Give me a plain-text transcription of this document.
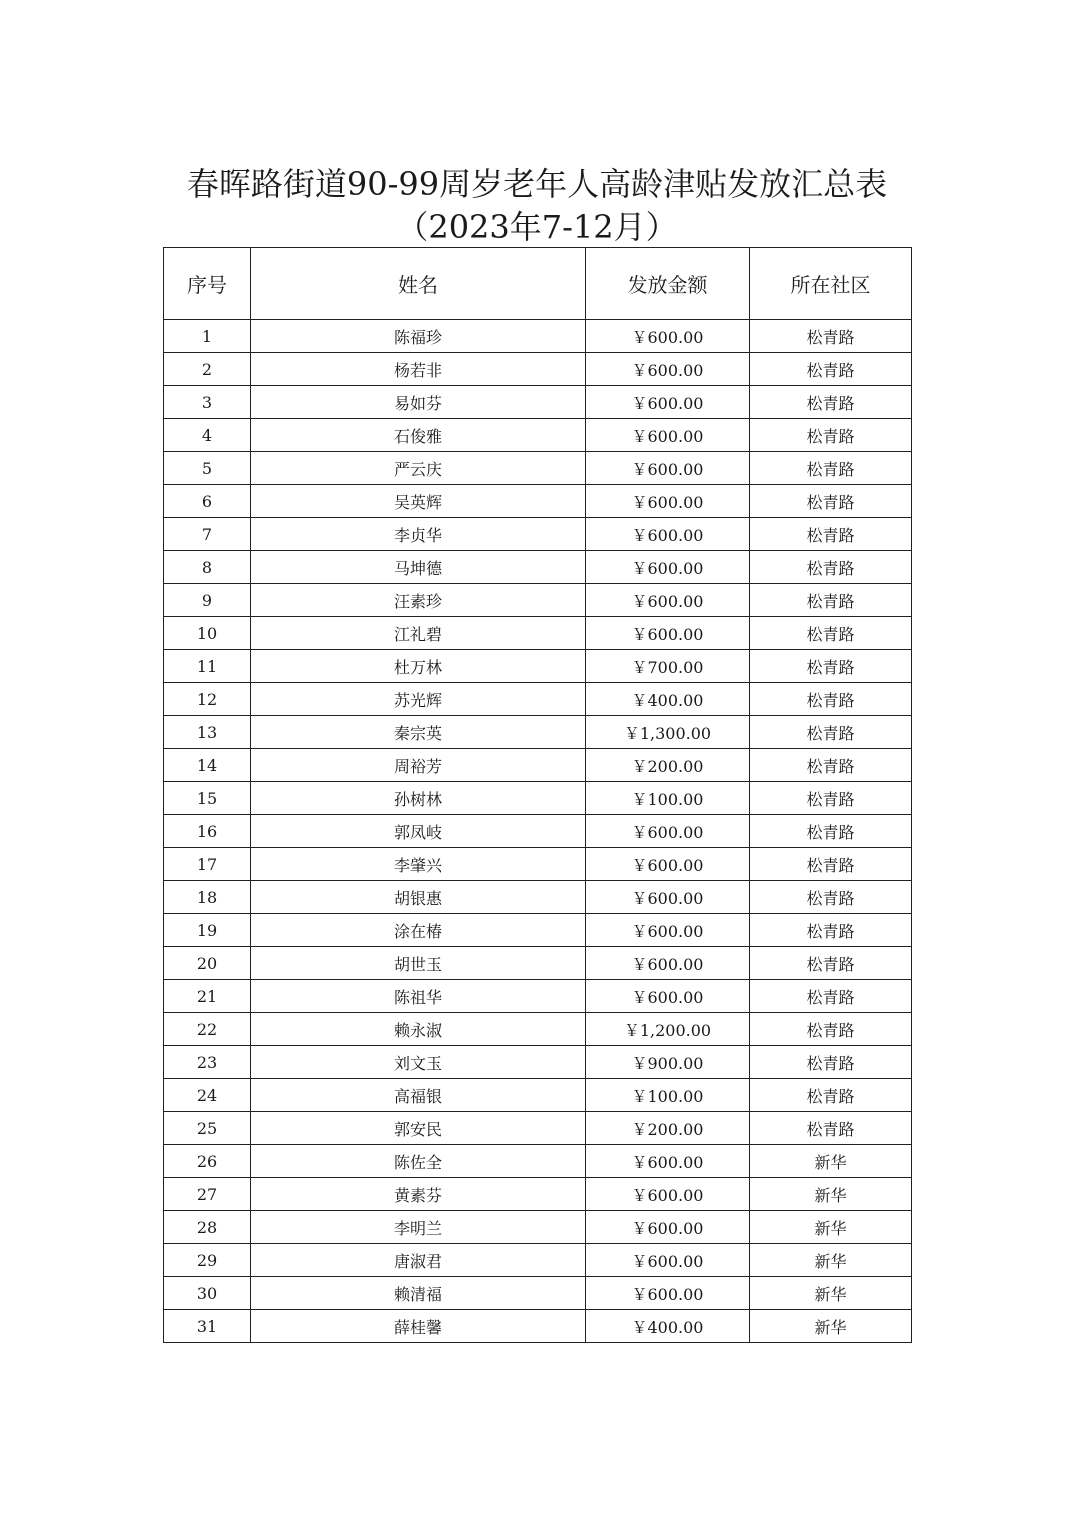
春晖路街道90-99周岁老年人高龄津贴发放汇总表
（2023年7-12月）
序号	姓名	发放金额	所在社区
1	陈福珍	￥600.00	松青路
2	杨若非	￥600.00	松青路
3	易如芬	￥600.00	松青路
4	石俊雅	￥600.00	松青路
5	严云庆	￥600.00	松青路
6	吴英辉	￥600.00	松青路
7	李贞华	￥600.00	松青路
8	马坤德	￥600.00	松青路
9	汪素珍	￥600.00	松青路
10	江礼碧	￥600.00	松青路
11	杜万林	￥700.00	松青路
12	苏光辉	￥400.00	松青路
13	秦宗英	￥1,300.00	松青路
14	周裕芳	￥200.00	松青路
15	孙树林	￥100.00	松青路
16	郭凤岐	￥600.00	松青路
17	李肇兴	￥600.00	松青路
18	胡银惠	￥600.00	松青路
19	涂在椿	￥600.00	松青路
20	胡世玉	￥600.00	松青路
21	陈祖华	￥600.00	松青路
22	赖永淑	￥1,200.00	松青路
23	刘文玉	￥900.00	松青路
24	高福银	￥100.00	松青路
25	郭安民	￥200.00	松青路
26	陈佐全	￥600.00	新华
27	黄素芬	￥600.00	新华
28	李明兰	￥600.00	新华
29	唐淑君	￥600.00	新华
30	赖清福	￥600.00	新华
31	薛桂馨	￥400.00	新华
